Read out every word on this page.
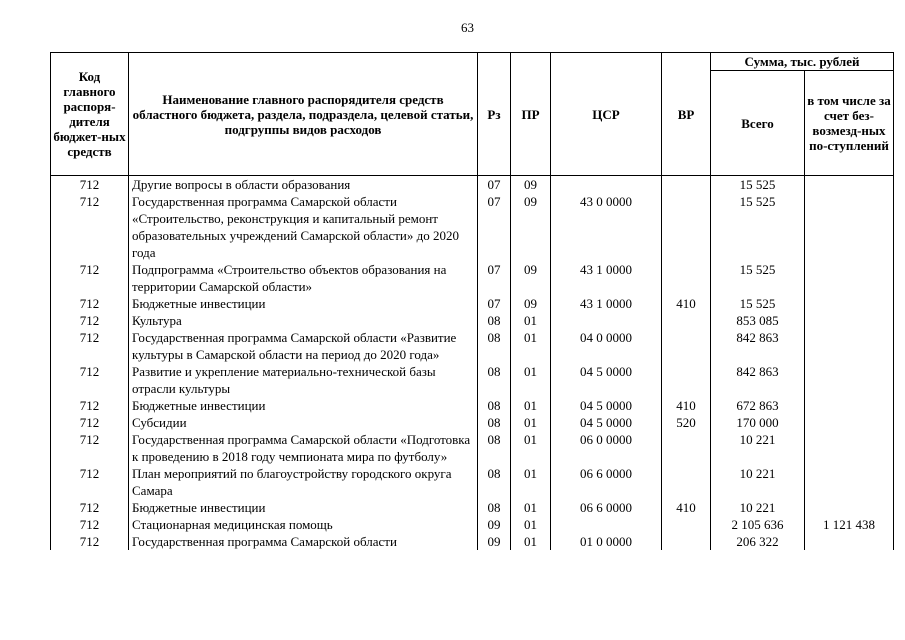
63
Код главного распоря-дителя бюджет-ных средств	Наименование главного распорядителя средств областного бюджета, раздела, подраздела, целевой статьи, подгруппы видов расходов	Рз	ПР	ЦСР	ВР	Сумма, тыс. рублей	
						Всего	в том числе за счет без-возмезд-ных по-ступлений
712	Другие вопросы в области образования	07	09			15 525	
712	Государственная программа Самарской области «Строительство, реконструкция и капитальный ремонт образовательных учреждений Самарской области» до 2020 года	07	09	43 0 0000		15 525	
712	Подпрограмма «Строительство объектов образования на территории Самарской области»	07	09	43 1 0000		15 525	
712	Бюджетные инвестиции	07	09	43 1 0000	410	15 525	
712	Культура	08	01			853 085	
712	Государственная программа Самарской области «Развитие культуры в Самарской области на период до 2020 года»	08	01	04 0 0000		842 863	
712	Развитие и укрепление материально-технической базы отрасли культуры	08	01	04 5 0000		842 863	
712	Бюджетные инвестиции	08	01	04 5 0000	410	672 863	
712	Субсидии	08	01	04 5 0000	520	170 000	
712	Государственная программа Самарской области «Подготовка к проведению в 2018 году чемпионата мира по футболу»	08	01	06 0 0000		10 221	
712	План мероприятий по благоустройству городского округа Самара	08	01	06 6 0000		10 221	
712	Бюджетные инвестиции	08	01	06 6 0000	410	10 221	
712	Стационарная медицинская помощь	09	01			2 105 636	1 121 438
712	Государственная программа Самарской области	09	01	01 0 0000		206 322	
